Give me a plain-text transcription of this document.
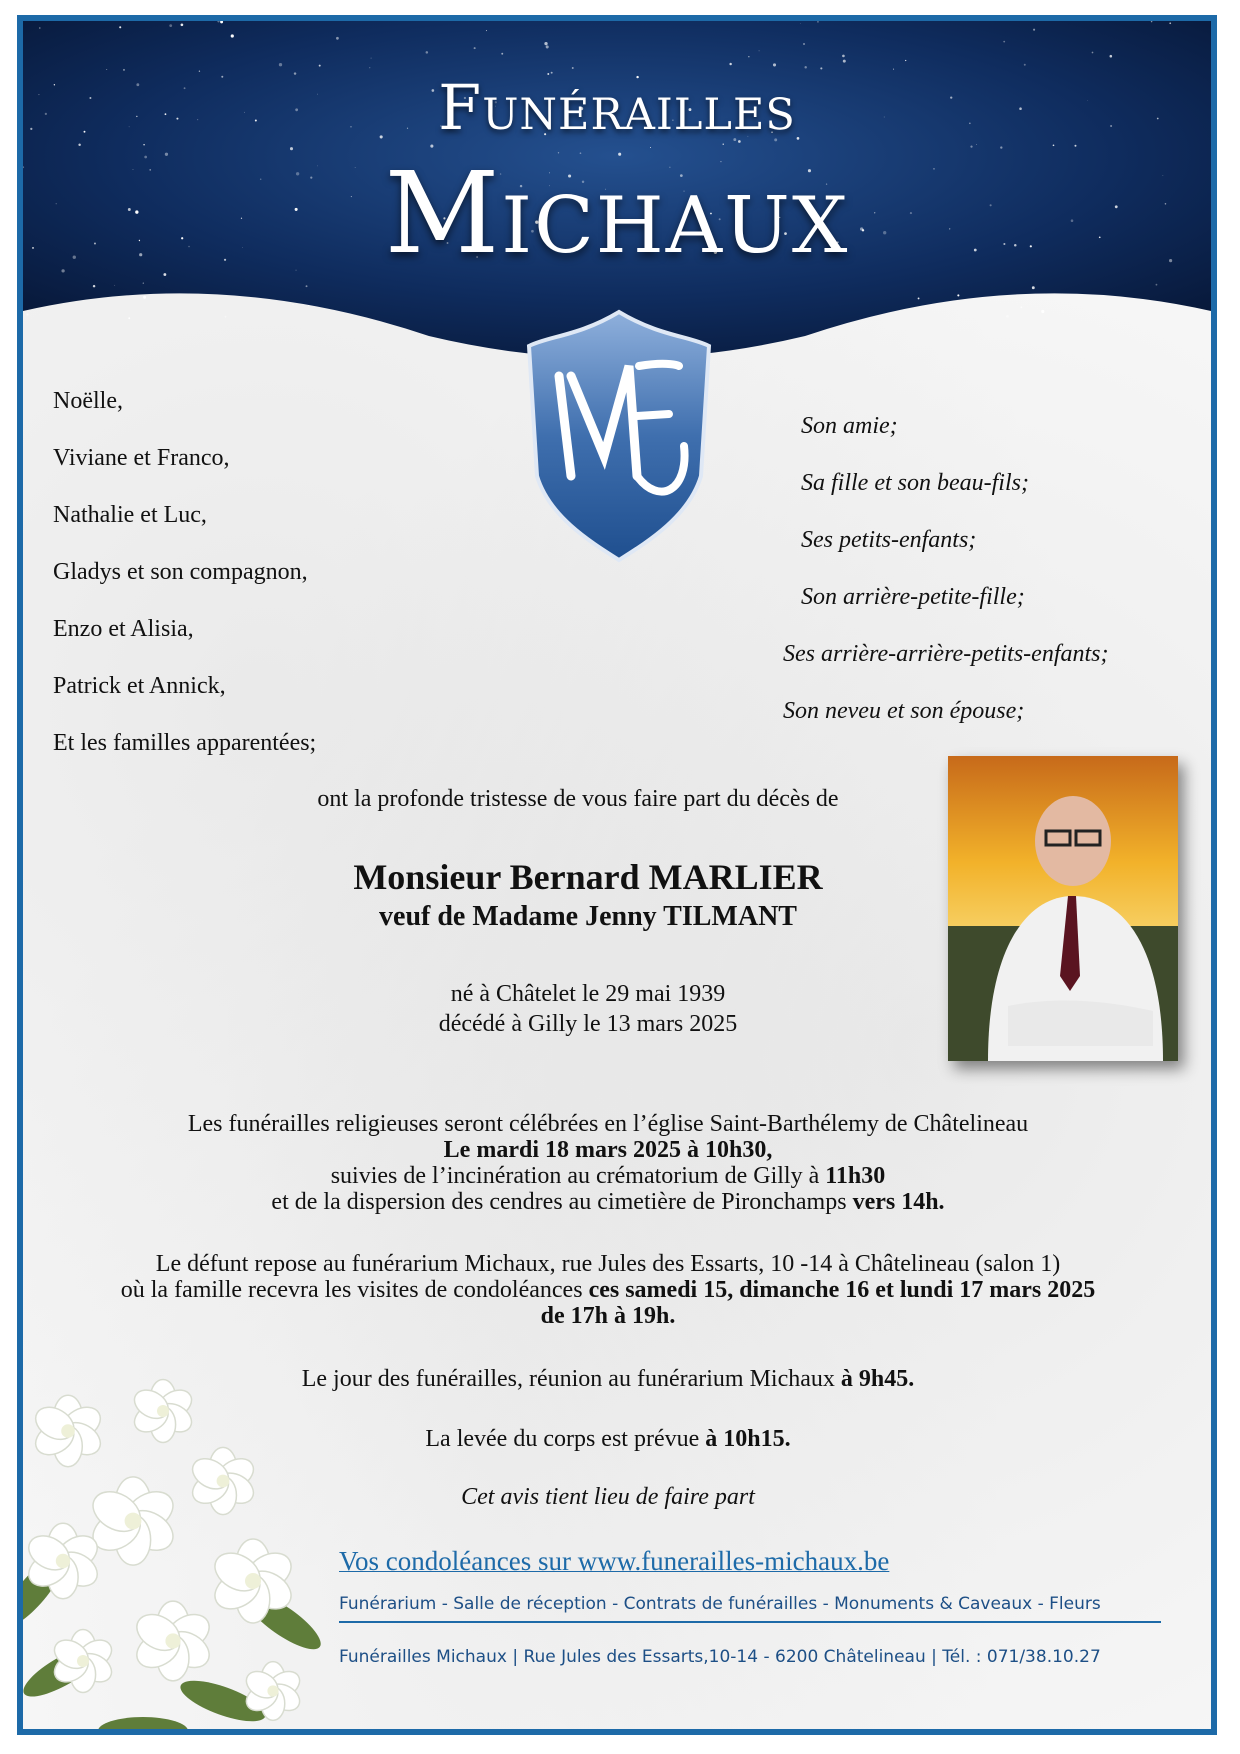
Funérailles
Michaux
Noëlle,
Viviane et Franco,
Nathalie et Luc,
Gladys et son compagnon,
Enzo et Alisia,
Patrick et Annick,
Et les familles apparentées;
Son amie;
Sa fille et son beau-fils;
Ses petits-enfants;
Son arrière-petite-fille;
Ses arrière-arrière-petits-enfants;
Son neveu et son épouse;
ont la profonde tristesse de vous faire part du décès de
Monsieur Bernard MARLIER
veuf de Madame Jenny TILMANT
né à Châtelet le 29 mai 1939
décédé à Gilly le 13 mars 2025
Les funérailles religieuses seront célébrées en l’église Saint-Barthélemy de Châtelineau
Le mardi 18 mars 2025 à 10h30,
suivies de l’incinération au crématorium de Gilly à 11h30
et de la dispersion des cendres au cimetière de Pironchamps vers 14h.
Le défunt repose au funérarium Michaux, rue Jules des Essarts, 10 -14 à Châtelineau (salon 1)
où la famille recevra les visites de condoléances ces samedi 15, dimanche 16 et lundi 17 mars 2025
de 17h à 19h.
Le jour des funérailles, réunion au funérarium Michaux à 9h45.
La levée du corps est prévue à 10h15.
Cet avis tient lieu de faire part
Vos condoléances sur www.funerailles-michaux.be
Funérarium - Salle de réception - Contrats de funérailles - Monuments & Caveaux - Fleurs
Funérailles Michaux | Rue Jules des Essarts,10-14 - 6200 Châtelineau | Tél. : 071/38.10.27
